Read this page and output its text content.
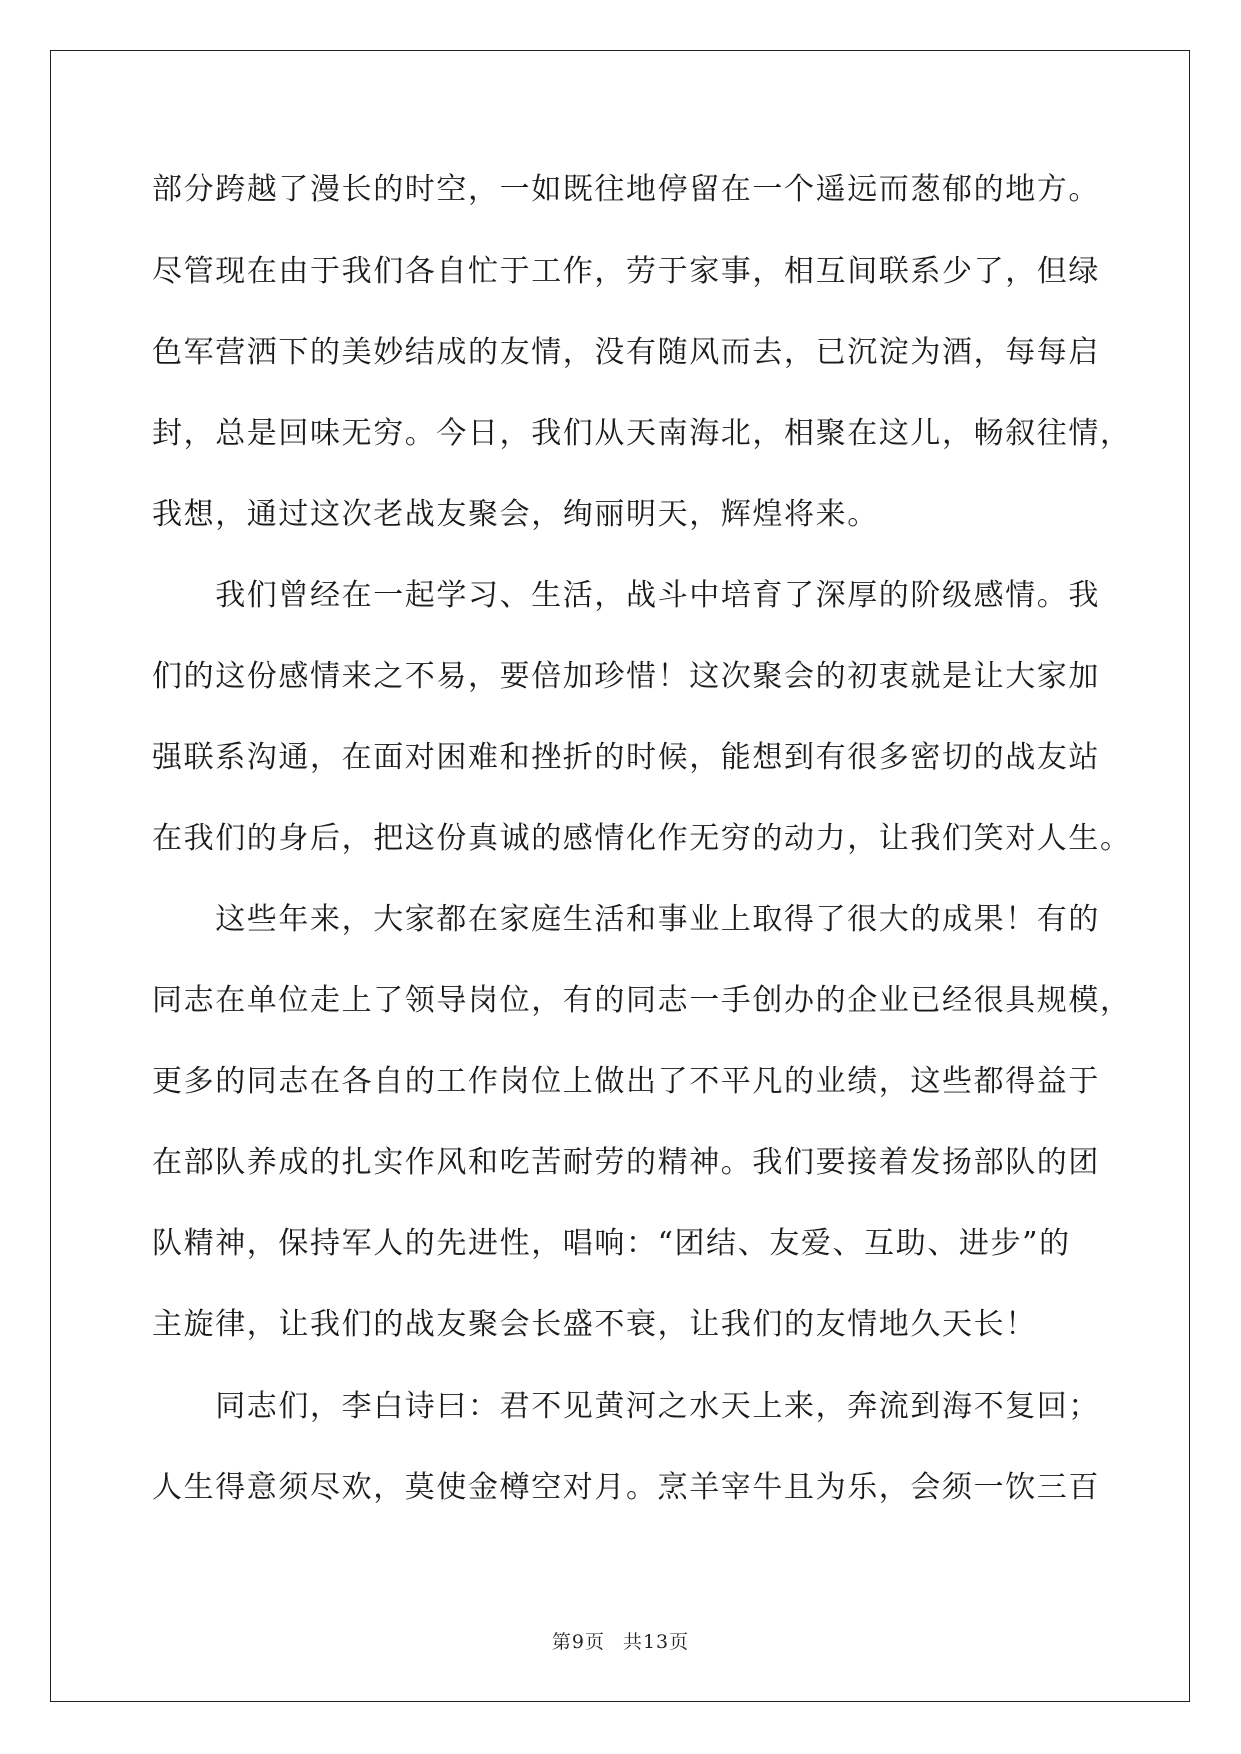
部分跨越了漫长的时空，一如既往地停留在一个遥远而葱郁的地方。
尽管现在由于我们各自忙于工作，劳于家事，相互间联系少了，但绿
色军营洒下的美妙结成的友情，没有随风而去，已沉淀为酒，每每启
封，总是回味无穷。今日，我们从天南海北，相聚在这儿，畅叙往情，
我想，通过这次老战友聚会，绚丽明天，辉煌将来。
　　我们曾经在一起学习、生活，战斗中培育了深厚的阶级感情。我
们的这份感情来之不易，要倍加珍惜！这次聚会的初衷就是让大家加
强联系沟通，在面对困难和挫折的时候，能想到有很多密切的战友站
在我们的身后，把这份真诚的感情化作无穷的动力，让我们笑对人生。
　　这些年来，大家都在家庭生活和事业上取得了很大的成果！有的
同志在单位走上了领导岗位，有的同志一手创办的企业已经很具规模，
更多的同志在各自的工作岗位上做出了不平凡的业绩，这些都得益于
在部队养成的扎实作风和吃苦耐劳的精神。我们要接着发扬部队的团
队精神，保持军人的先进性，唱响：“团结、友爱、互助、进步”的
主旋律，让我们的战友聚会长盛不衰，让我们的友情地久天长！
　　同志们，李白诗曰：君不见黄河之水天上来，奔流到海不复回；
人生得意须尽欢，莫使金樽空对月。烹羊宰牛且为乐，会须一饮三百
第9页 共13页
